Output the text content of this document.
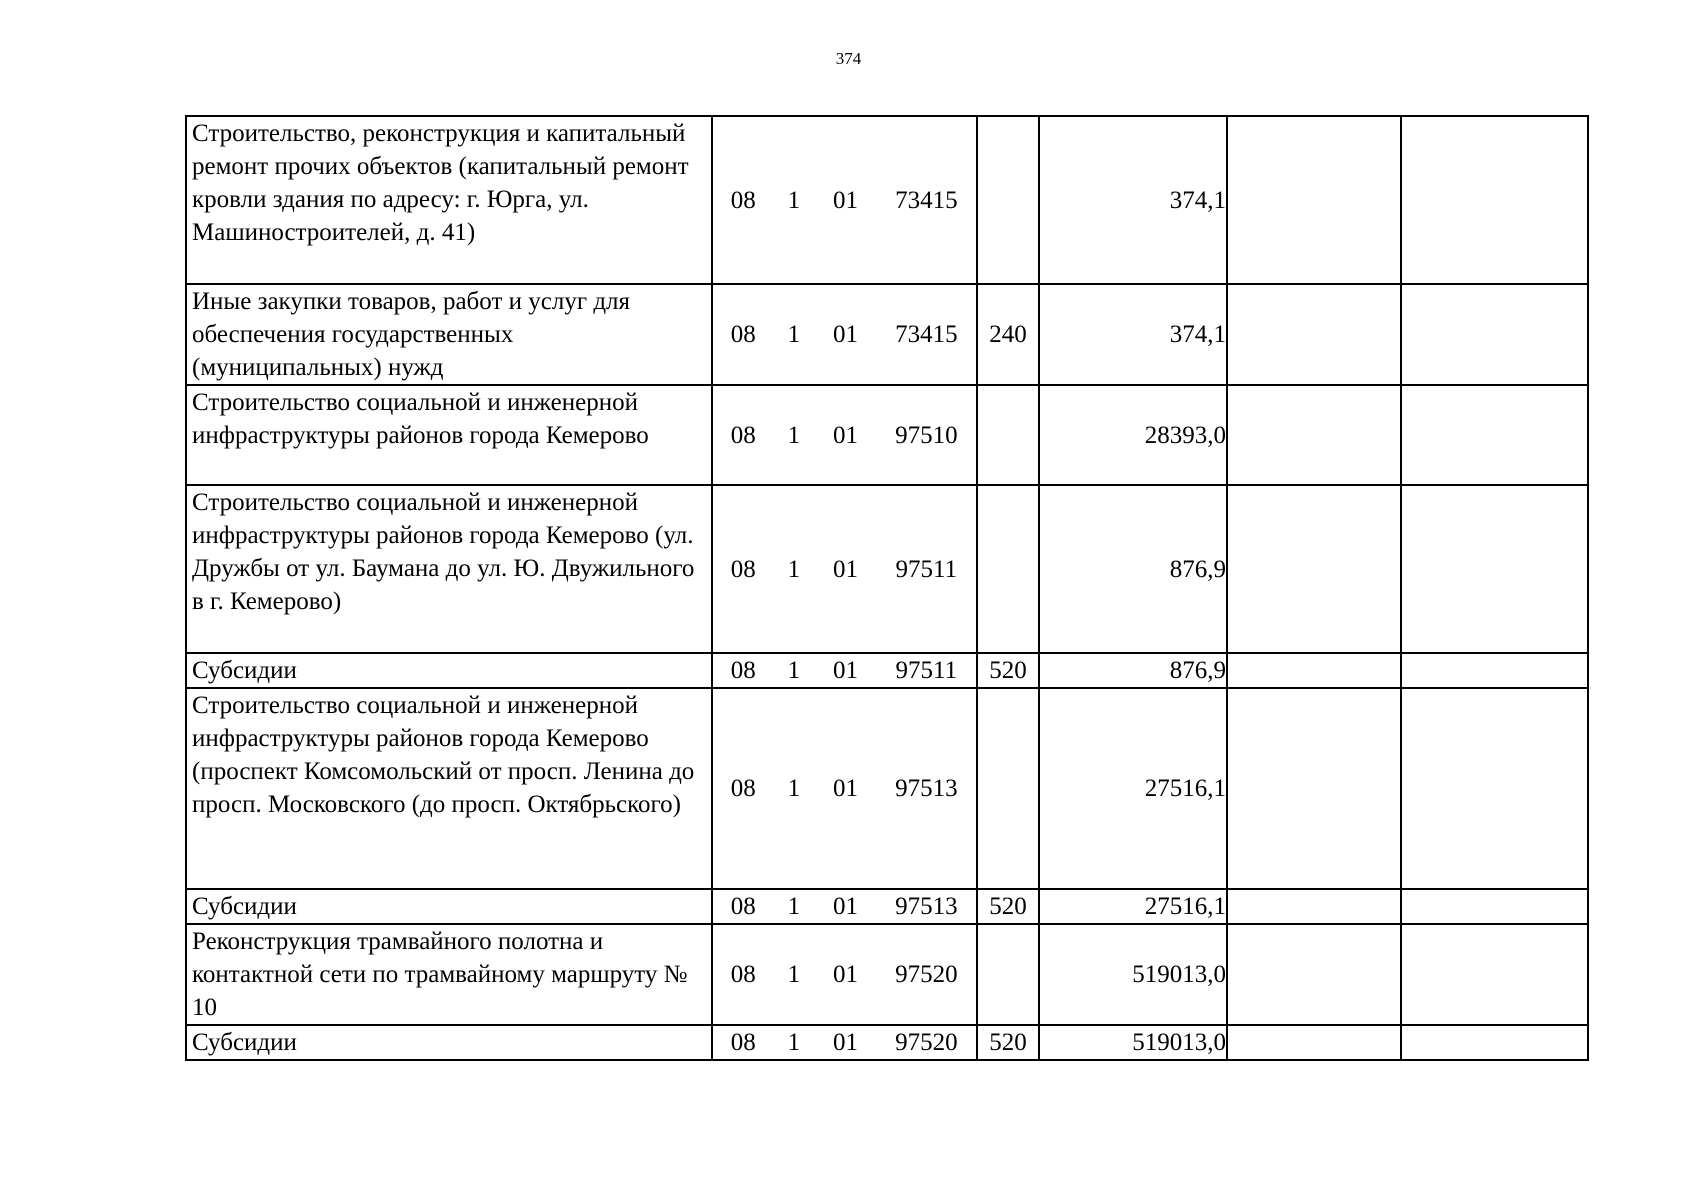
374
Строительство, реконструкция и капитальный ремонт прочих объектов (капитальный ремонт кровли здания по адресу: г. Юрга, ул. Машиностроителей, д. 41)	08 1 01 73415		374,1		
Иные закупки товаров, работ и услуг для обеспечения государственных (муниципальных) нужд	08 1 01 73415	240	374,1		
Строительство социальной и инженерной инфраструктуры районов города Кемерово	08 1 01 97510		28393,0		
Строительство социальной и инженерной инфраструктуры районов города Кемерово (ул. Дружбы от ул. Баумана до ул. Ю. Двужильного в г. Кемерово)	08 1 01 97511		876,9		
Субсидии	08 1 01 97511	520	876,9		
Строительство социальной и инженерной инфраструктуры районов города Кемерово (проспект Комсомольский от просп. Ленина до просп. Московского (до просп. Октябрьского)	08 1 01 97513		27516,1		
Субсидии	08 1 01 97513	520	27516,1		
Реконструкция трамвайного полотна и контактной сети по трамвайному маршруту № 10	08 1 01 97520		519013,0		
Субсидии	08 1 01 97520	520	519013,0		
